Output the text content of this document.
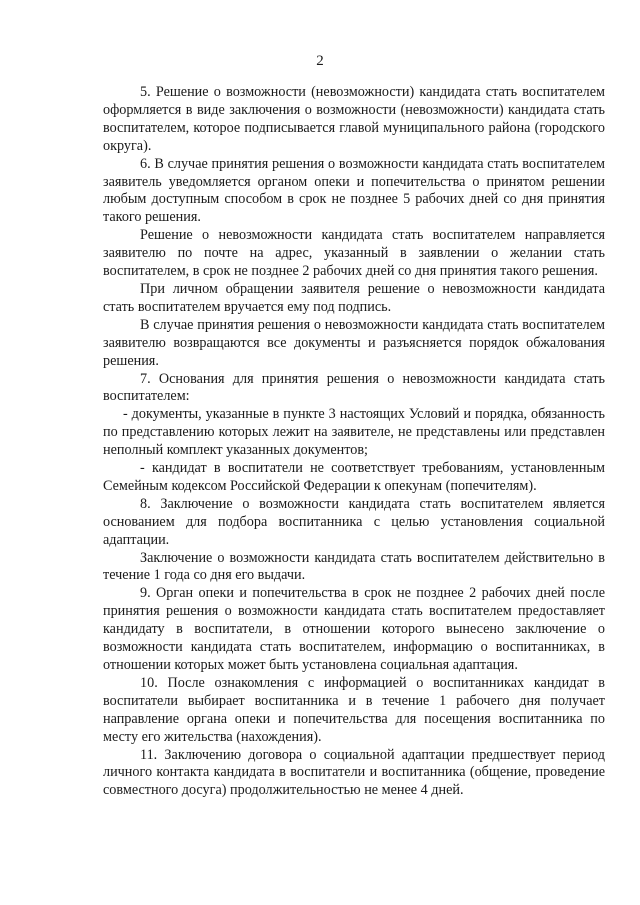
2

5. Решение о возможности (невозможности) кандидата стать воспитателем оформляется в виде заключения о возможности (невозможности) кандидата стать воспитателем, которое подписывается главой муниципального района (городского округа).

6. В случае принятия решения о возможности кандидата стать воспитателем заявитель уведомляется органом опеки и попечительства о принятом решении любым доступным способом в срок не позднее 5 рабочих дней со дня принятия такого решения.

Решение о невозможности кандидата стать воспитателем направляется заявителю по почте на адрес, указанный в заявлении о желании стать воспитателем, в срок не позднее 2 рабочих дней со дня принятия такого решения.

При личном обращении заявителя решение о невозможности кандидата стать воспитателем вручается ему под подпись.

В случае принятия решения о невозможности кандидата стать воспитателем заявителю возвращаются все документы и разъясняется порядок обжалования решения.

7. Основания для принятия решения о невозможности кандидата стать воспитателем:

- документы, указанные в пункте 3 настоящих Условий и порядка, обязанность по представлению которых лежит на заявителе, не представлены или представлен неполный комплект указанных документов;

- кандидат в воспитатели не соответствует требованиям, установленным Семейным кодексом Российской Федерации к опекунам (попечителям).

8. Заключение о возможности кандидата стать воспитателем является основанием для подбора воспитанника с целью установления социальной адаптации.

Заключение о возможности кандидата стать воспитателем действительно в течение 1 года со дня его выдачи.

9. Орган опеки и попечительства в срок не позднее 2 рабочих дней после принятия решения о возможности кандидата стать воспитателем предоставляет кандидату в воспитатели, в отношении которого вынесено заключение о возможности кандидата стать воспитателем, информацию о воспитанниках, в отношении которых может быть установлена социальная адаптация.

10. После ознакомления с информацией о воспитанниках кандидат в воспитатели выбирает воспитанника и в течение 1 рабочего дня получает направление органа опеки и попечительства для посещения воспитанника по месту его жительства (нахождения).

11. Заключению договора о социальной адаптации предшествует период личного контакта кандидата в воспитатели и воспитанника (общение, проведение совместного досуга) продолжительностью не менее 4 дней.
